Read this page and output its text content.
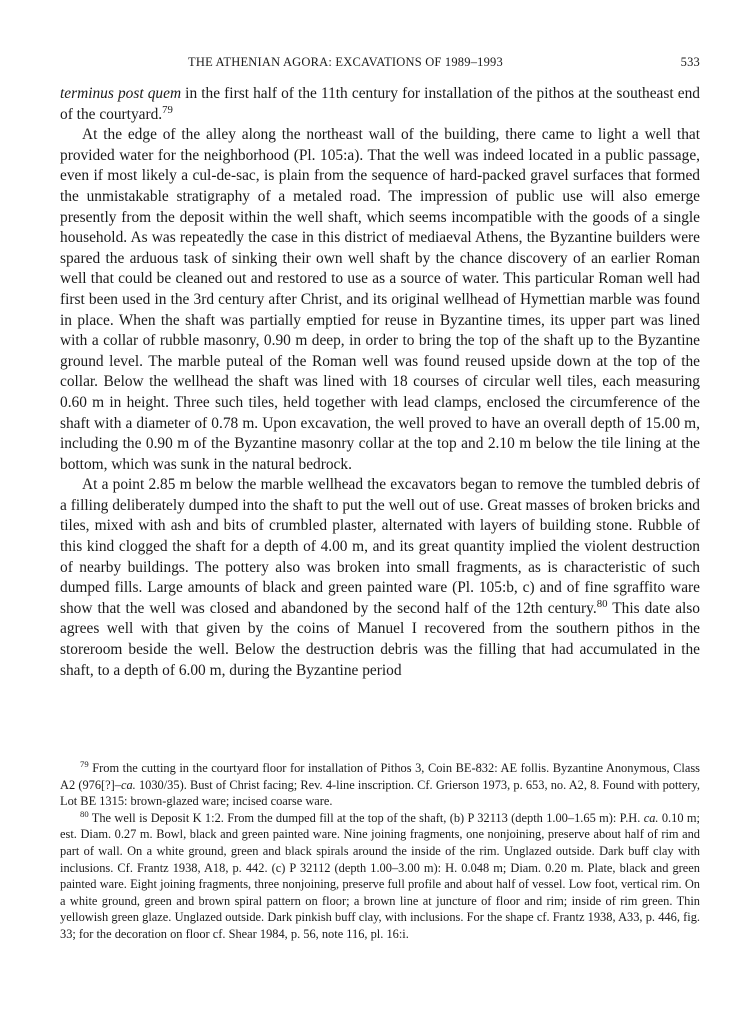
THE ATHENIAN AGORA: EXCAVATIONS OF 1989–1993	533

terminus post quem in the first half of the 11th century for installation of the pithos at the southeast end of the courtyard.$^{79}$

At the edge of the alley along the northeast wall of the building, there came to light a well that provided water for the neighborhood (Pl. 105:a). That the well was indeed located in a public passage, even if most likely a cul-de-sac, is plain from the sequence of hard-packed gravel surfaces that formed the unmistakable stratigraphy of a metaled road. The impression of public use will also emerge presently from the deposit within the well shaft, which seems incompatible with the goods of a single household. As was repeatedly the case in this district of mediaeval Athens, the Byzantine builders were spared the arduous task of sinking their own well shaft by the chance discovery of an earlier Roman well that could be cleaned out and restored to use as a source of water. This particular Roman well had first been used in the 3rd century after Christ, and its original wellhead of Hymettian marble was found in place. When the shaft was partially emptied for reuse in Byzantine times, its upper part was lined with a collar of rubble masonry, 0.90 m deep, in order to bring the top of the shaft up to the Byzantine ground level. The marble puteal of the Roman well was found reused upside down at the top of the collar. Below the wellhead the shaft was lined with 18 courses of circular well tiles, each measuring 0.60 m in height. Three such tiles, held together with lead clamps, enclosed the circumference of the shaft with a diameter of 0.78 m. Upon excavation, the well proved to have an overall depth of 15.00 m, including the 0.90 m of the Byzantine masonry collar at the top and 2.10 m below the tile lining at the bottom, which was sunk in the natural bedrock.

At a point 2.85 m below the marble wellhead the excavators began to remove the tumbled debris of a filling deliberately dumped into the shaft to put the well out of use. Great masses of broken bricks and tiles, mixed with ash and bits of crumbled plaster, alternated with layers of building stone. Rubble of this kind clogged the shaft for a depth of 4.00 m, and its great quantity implied the violent destruction of nearby buildings. The pottery also was broken into small fragments, as is characteristic of such dumped fills. Large amounts of black and green painted ware (Pl. 105:b, c) and of fine sgraffito ware show that the well was closed and abandoned by the second half of the 12th century.$^{80}$ This date also agrees well with that given by the coins of Manuel I recovered from the southern pithos in the storeroom beside the well. Below the destruction debris was the filling that had accumulated in the shaft, to a depth of 6.00 m, during the Byzantine period

$^{79}$ From the cutting in the courtyard floor for installation of Pithos 3, Coin BE-832: AE follis. Byzantine Anonymous, Class A2 (976[?]–ca. 1030/35). Bust of Christ facing; Rev. 4-line inscription. Cf. Grierson 1973, p. 653, no. A2, 8. Found with pottery, Lot BE 1315: brown-glazed ware; incised coarse ware.

$^{80}$ The well is Deposit K 1:2. From the dumped fill at the top of the shaft, (b) P 32113 (depth 1.00–1.65 m): P.H. ca. 0.10 m; est. Diam. 0.27 m. Bowl, black and green painted ware. Nine joining fragments, one nonjoining, preserve about half of rim and part of wall. On a white ground, green and black spirals around the inside of the rim. Unglazed outside. Dark buff clay with inclusions. Cf. Frantz 1938, A18, p. 442. (c) P 32112 (depth 1.00–3.00 m): H. 0.048 m; Diam. 0.20 m. Plate, black and green painted ware. Eight joining fragments, three nonjoining, preserve full profile and about half of vessel. Low foot, vertical rim. On a white ground, green and brown spiral pattern on floor; a brown line at juncture of floor and rim; inside of rim green. Thin yellowish green glaze. Unglazed outside. Dark pinkish buff clay, with inclusions. For the shape cf. Frantz 1938, A33, p. 446, fig. 33; for the decoration on floor cf. Shear 1984, p. 56, note 116, pl. 16:i.
